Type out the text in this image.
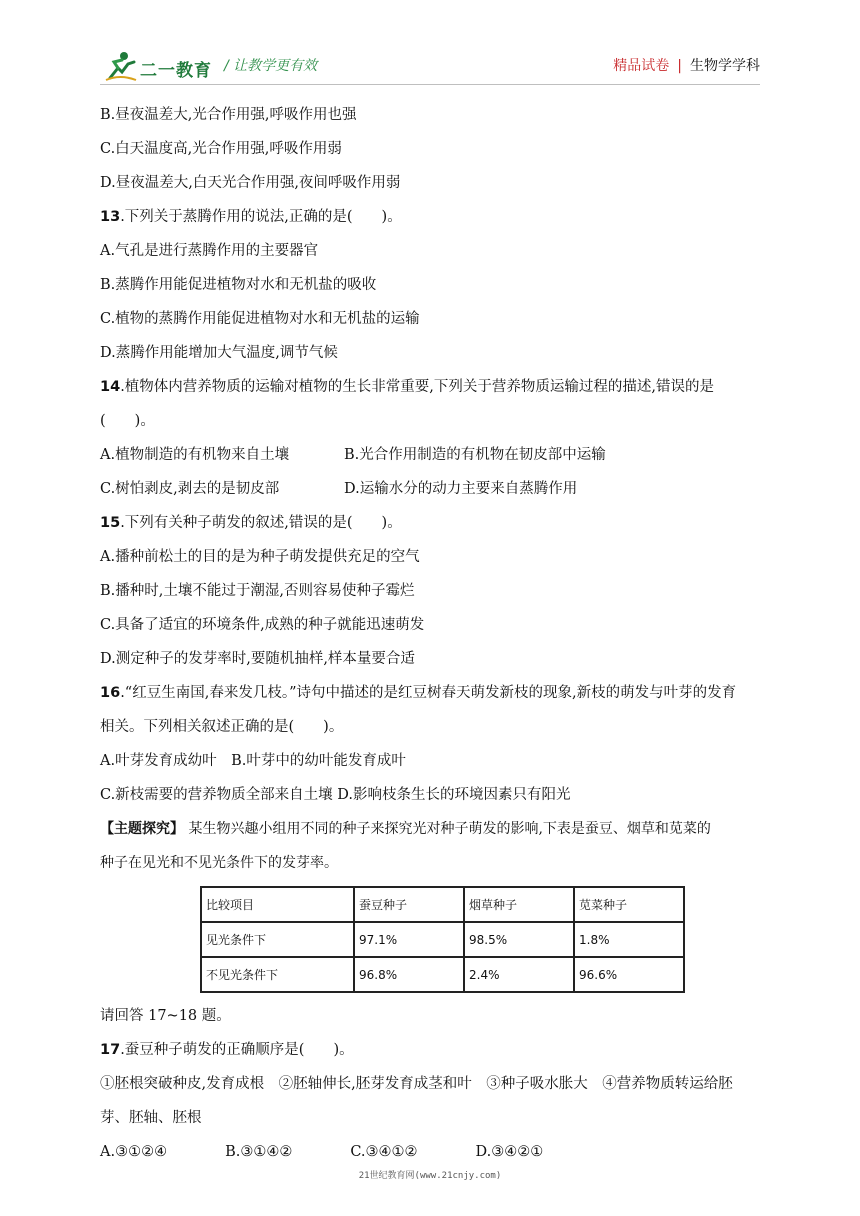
二一教育 / 让教学更有效	精品试卷 | 生物学学科
B.昼夜温差大,光合作用强,呼吸作用也强
C.白天温度高,光合作用强,呼吸作用弱
D.昼夜温差大,白天光合作用强,夜间呼吸作用弱
13.下列关于蒸腾作用的说法,正确的是(　　)。
A.气孔是进行蒸腾作用的主要器官
B.蒸腾作用能促进植物对水和无机盐的吸收
C.植物的蒸腾作用能促进植物对水和无机盐的运输
D.蒸腾作用能增加大气温度,调节气候
14.植物体内营养物质的运输对植物的生长非常重要,下列关于营养物质运输过程的描述,错误的是
(　　)。
A.植物制造的有机物来自土壤	B.光合作用制造的有机物在韧皮部中运输
C.树怕剥皮,剥去的是韧皮部	D.运输水分的动力主要来自蒸腾作用
15.下列有关种子萌发的叙述,错误的是(　　)。
A.播种前松土的目的是为种子萌发提供充足的空气
B.播种时,土壤不能过于潮湿,否则容易使种子霉烂
C.具备了适宜的环境条件,成熟的种子就能迅速萌发
D.测定种子的发芽率时,要随机抽样,样本量要合适
16.“红豆生南国,春来发几枝。”诗句中描述的是红豆树春天萌发新枝的现象,新枝的萌发与叶芽的发育
相关。下列相关叙述正确的是(　　)。
A.叶芽发育成幼叶　B.叶芽中的幼叶能发育成叶
C.新枝需要的营养物质全部来自土壤 D.影响枝条生长的环境因素只有阳光
【主题探究】 某生物兴趣小组用不同的种子来探究光对种子萌发的影响,下表是蚕豆、烟草和苋菜的
种子在见光和不见光条件下的发芽率。
比较项目	蚕豆种子	烟草种子	苋菜种子
见光条件下	97.1%	98.5%	1.8%
不见光条件下	96.8%	2.4%	96.6%
请回答 17~18 题。
17.蚕豆种子萌发的正确顺序是(　　)。
①胚根突破种皮,发育成根　②胚轴伸长,胚芽发育成茎和叶　③种子吸水胀大　④营养物质转运给胚
芽、胚轴、胚根
A.③①②④　　　　B.③①④②　　　　C.③④①②　　　　D.③④②①
21世纪教育网(www.21cnjy.com)
